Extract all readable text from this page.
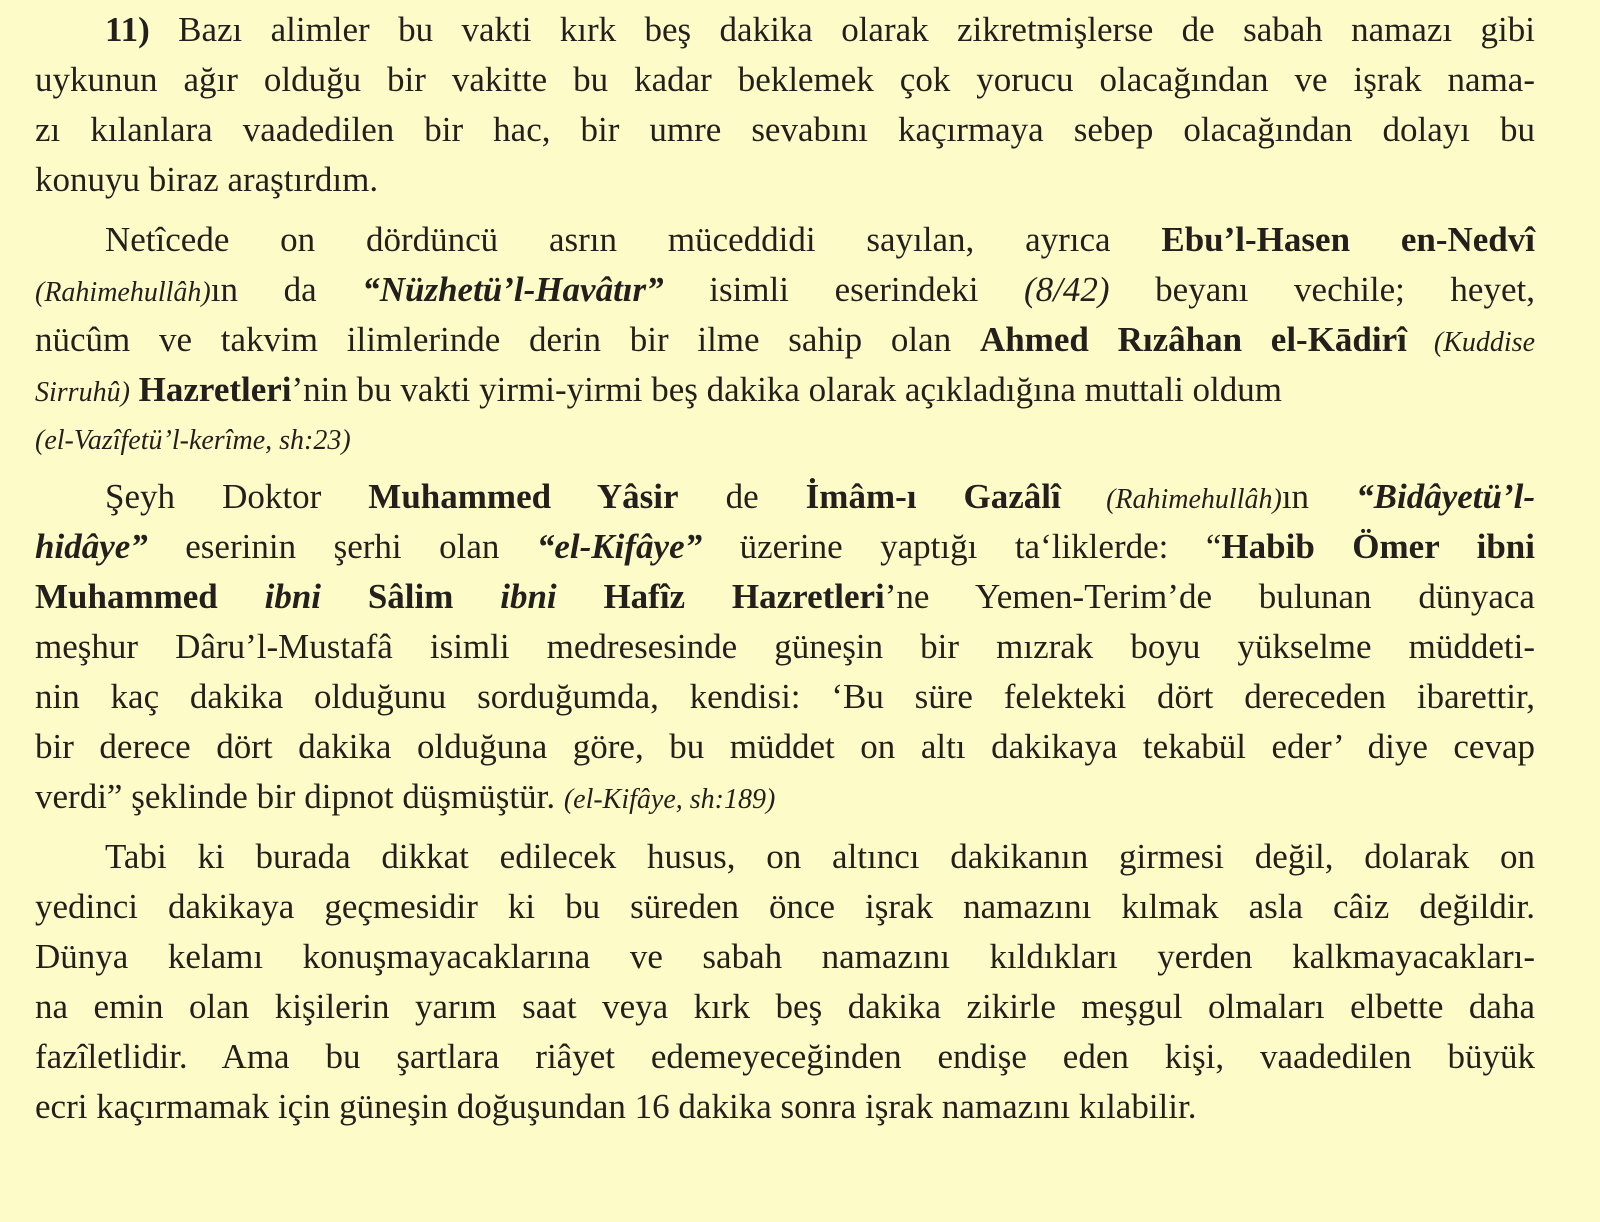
11) Bazı alimler bu vakti kırk beş dakika olarak zikretmişlerse de sabah namazı gibi
uykunun ağır olduğu bir vakitte bu kadar beklemek çok yorucu olacağından ve işrak nama-
zı kılanlara vaadedilen bir hac, bir umre sevabını kaçırmaya sebep olacağından dolayı bu
konuyu biraz araştırdım.
Netîcede on dördüncü asrın müceddidi sayılan, ayrıca Ebu’l-Hasen en-Nedvî
(Rahimehullâh)ın da “Nüzhetü’l-Havâtır” isimli eserindeki (8/42) beyanı vechile; heyet,
nücûm ve takvim ilimlerinde derin bir ilme sahip olan Ahmed Rızâhan el-Kādirî (Kuddise
Sirruhû) Hazretleri’nin bu vakti yirmi-yirmi beş dakika olarak açıkladığına muttali oldum
(el-Vazîfetü’l-kerîme, sh:23)
Şeyh Doktor Muhammed Yâsir de İmâm-ı Gazâlî (Rahimehullâh)ın “Bidâyetü’l-
hidâye” eserinin şerhi olan “el-Kifâye” üzerine yaptığı ta‘liklerde: “Habib Ömer ibni
Muhammed ibni Sâlim ibni Hafîz Hazretleri’ne Yemen-Terim’de bulunan dünyaca
meşhur Dâru’l-Mustafâ isimli medresesinde güneşin bir mızrak boyu yükselme müddeti-
nin kaç dakika olduğunu sorduğumda, kendisi: ‘Bu süre felekteki dört dereceden ibarettir,
bir derece dört dakika olduğuna göre, bu müddet on altı dakikaya tekabül eder’ diye cevap
verdi” şeklinde bir dipnot düşmüştür. (el-Kifâye, sh:189)
Tabi ki burada dikkat edilecek husus, on altıncı dakikanın girmesi değil, dolarak on
yedinci dakikaya geçmesidir ki bu süreden önce işrak namazını kılmak asla câiz değildir.
Dünya kelamı konuşmayacaklarına ve sabah namazını kıldıkları yerden kalkmayacakları-
na emin olan kişilerin yarım saat veya kırk beş dakika zikirle meşgul olmaları elbette daha
fazîletlidir. Ama bu şartlara riâyet edemeyeceğinden endişe eden kişi, vaadedilen büyük
ecri kaçırmamak için güneşin doğuşundan 16 dakika sonra işrak namazını kılabilir.
